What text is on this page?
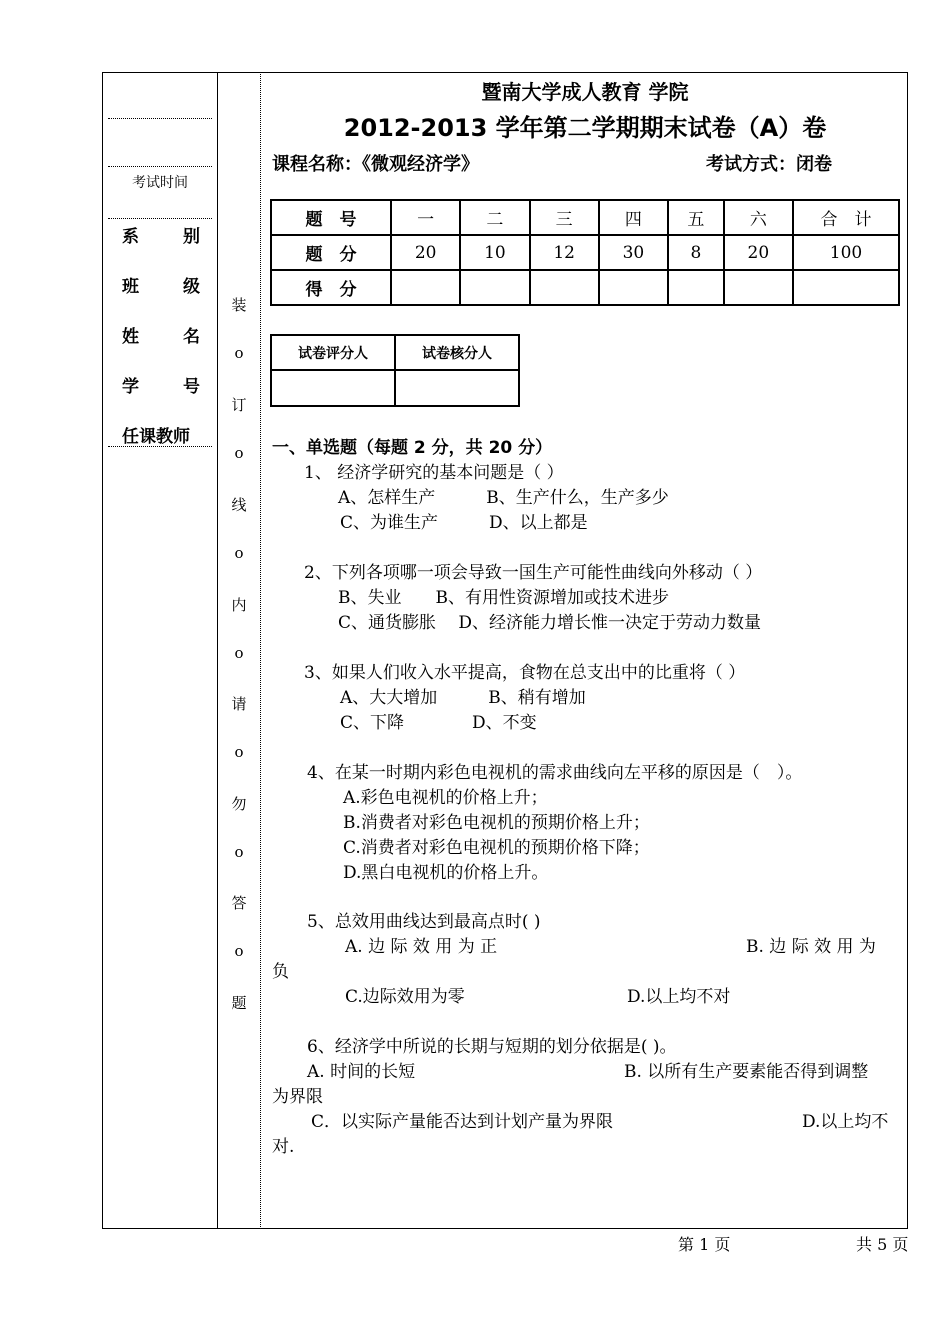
考试时间
系	别
班	级
姓	名
学	号
任课教师
装
o
订
o
线
o
内
o
请
o
勿
o
答
o
题
暨南大学成人教育 学院
2012-2013 学年第二学期期末试卷（A）卷
课程名称：《微观经济学》	考试方式：闭卷
题　号	一	二	三	四	五	六	合　计
题　分	20	10	12	30	8	20	100
得　分							
试卷评分人	试卷核分人

一、单选题（每题 2 分，共 20 分）
1、 经济学研究的基本问题是（ ）
A、怎样生产　　　B、生产什么，生产多少
C、为谁生产　　　D、以上都是
2、下列各项哪一项会导致一国生产可能性曲线向外移动（ ）
B、失业　　B、有用性资源增加或技术进步
C、通货膨胀　 D、经济能力增长惟一决定于劳动力数量
3、如果人们收入水平提高，食物在总支出中的比重将（ ）
A、大大增加　　　B、稍有增加
C、下降　　　　D、不变
4、在某一时期内彩色电视机的需求曲线向左平移的原因是（　）。
A.彩色电视机的价格上升；
B.消费者对彩色电视机的预期价格上升；
C.消费者对彩色电视机的预期价格下降；
D.黑白电视机的价格上升。
5、总效用曲线达到最高点时( )
A. 边 际 效 用 为 正	B. 边 际 效 用 为
负
C.边际效用为零	D.以上均不对
6、经济学中所说的长期与短期的划分依据是( )。
A. 时间的长短	B. 以所有生产要素能否得到调整
为界限
C．以实际产量能否达到计划产量为界限	D.以上均不
对.
第 1 页	共 5 页
